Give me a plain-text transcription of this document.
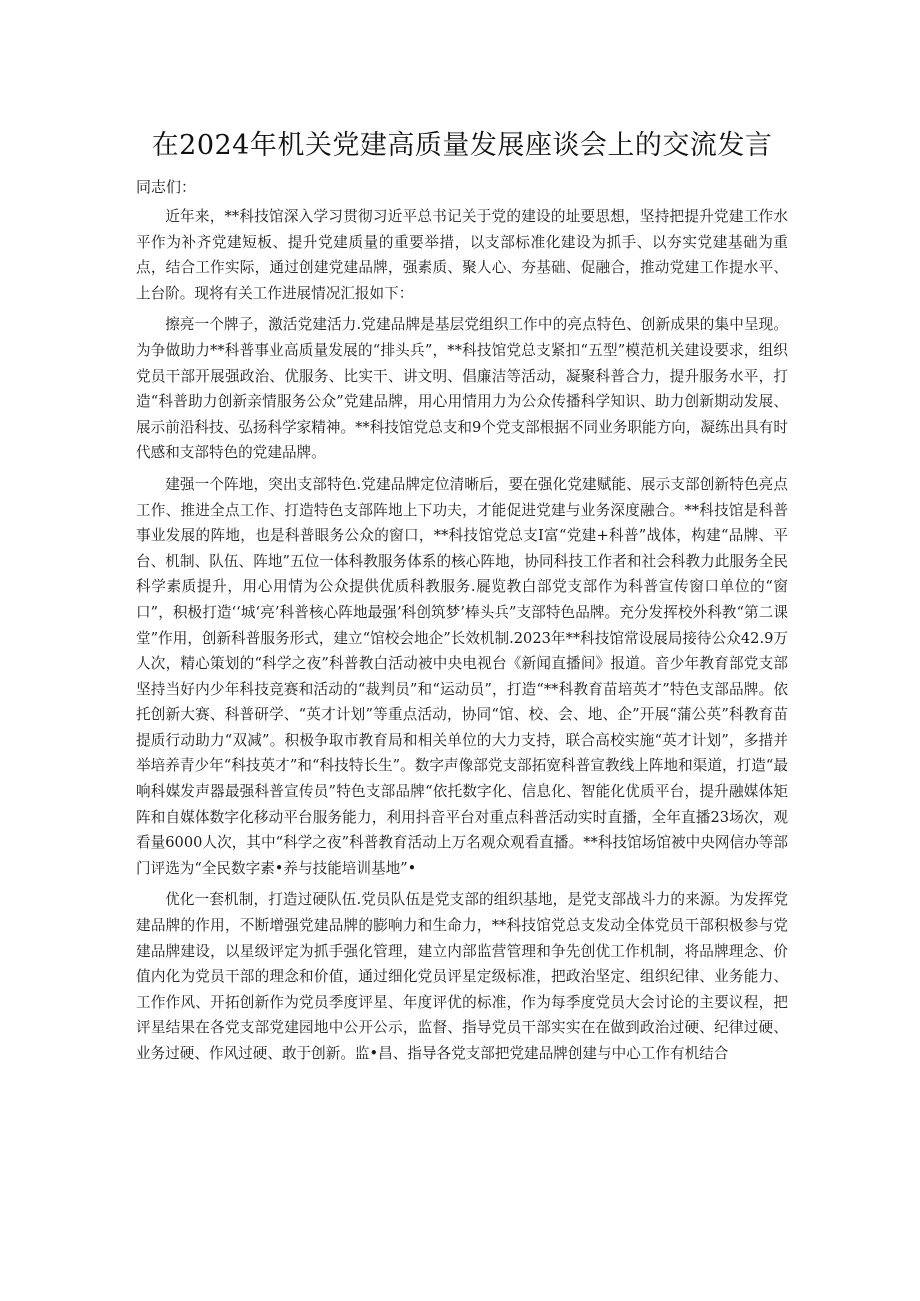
在2024年机关党建高质量发展座谈会上的交流发言
同志们：

近年来，**科技馆深入学习贯彻习近平总书记关于党的建设的址要思想，坚持把提升党建工作水平作为补齐党建短板、提升党建质量的重要举措，以支部标准化建设为抓手、以夯实党建基础为重点，结合工作实际，通过创建党建品牌，强素质、聚人心、夯基础、促融合，推动党建工作提水平、上台阶。现将有关工作进展情况汇报如下：

擦亮一个牌子，激活党建活力.党建品牌是基层党组织工作中的亮点特色、创新成果的集中呈现。为争做助力**科普事业高质量发展的“排头兵”，**科技馆党总支紧扣“五型”模范机关建设要求，组织党员干部开展强政治、优服务、比实干、讲文明、倡廉洁等活动，凝聚科普合力，提升服务水平，打造“科普助力创新亲情服务公众”党建品牌，用心用情用力为公众传播科学知识、助力创新期动发展、展示前沿科技、弘扬科学家精神。**科技馆党总支和9个党支部根据不同业务职能方向，凝练出具有时代感和支部特色的党建品牌。

建强一个阵地，突出支部特色.党建品牌定位清晰后，要在强化党建赋能、展示支部创新特色亮点工作、推进全点工作、打造特色支部阵地上下功夫，才能促进党建与业务深度融合。**科技馆是科普事业发展的阵地，也是科普眼务公众的窗口，**科技馆党总支I富“党建+科普”战体，构建“品牌、平台、机制、队伍、阵地”五位一体科教服务体系的核心阵地，协同科技工作者和社会科教力此服务全民科学素质提升，用心用情为公众提供优质科教服务.屣览教白部党支部作为科普宣传窗口单位的“窗口”，积极打造‘‘城‘亮’科普核心阵地最强’科创筑梦’棒头兵”支部特色品牌。充分发挥校外科教“第二课堂”作用，创新科普服务形式，建立“馆校会地企”长效机制.2023年**科技馆常设展局接待公众42.9万人次，精心策划的“科学之夜”科普教白活动被中央电视台《新闻直播间》报道。音少年教育部党支部坚持当好内少年科技竞赛和活动的“裁判员”和“运动员”，打造“**科教育苗培英才”特色支部品牌。依托创新大赛、科普研学、“英才计划”等重点活动，协同“馆、校、会、地、企”开展“蒲公英”科教育苗提质行动助力“双减”。积极争取市教育局和相关单位的大力支持，联合高校实施“英才计划”，多措并举培养青少年“科技英才”和“科技特长生”。数字声像部党支部拓宽科普宣教线上阵地和渠道，打造“最响科媒发声器最强科普宣传员”特色支部品牌“依托数字化、信息化、智能化优质平台，提升融媒体矩阵和自媒体数字化移动平台服务能力，利用抖音平台对重点科普活动实时直播，全年直播23场次，观看量6000人次，其中“科学之夜”科普教育活动上万名观众观看直播。**科技馆场馆被中央网信办等部门评选为“全民数字素•养与技能培训基地”•

优化一套机制，打造过硬队伍.党员队伍是党支部的组织基地，是党支部战斗力的来源。为发挥党建品牌的作用，不断增强党建品牌的膨响力和生命力，**科技馆党总支发动全体党员干部积极参与党建品牌建设，以星级评定为抓手强化管理，建立内部监营管理和争先创优工作机制，将品牌理念、价值内化为党员干部的理念和价值，通过细化党员评星定级标准，把政治坚定、组织纪律、业务能力、工作作风、开拓创新作为党员季度评星、年度评优的标准，作为每季度党员大会讨论的主要议程，把评星结果在各党支部党建园地中公开公示，监督、指导党员干部实实在在做到政治过硬、纪律过硬、业务过硬、作风过硬、敢于创新。监•昌、指导各党支部把党建品牌创建与中心工作有机结合
